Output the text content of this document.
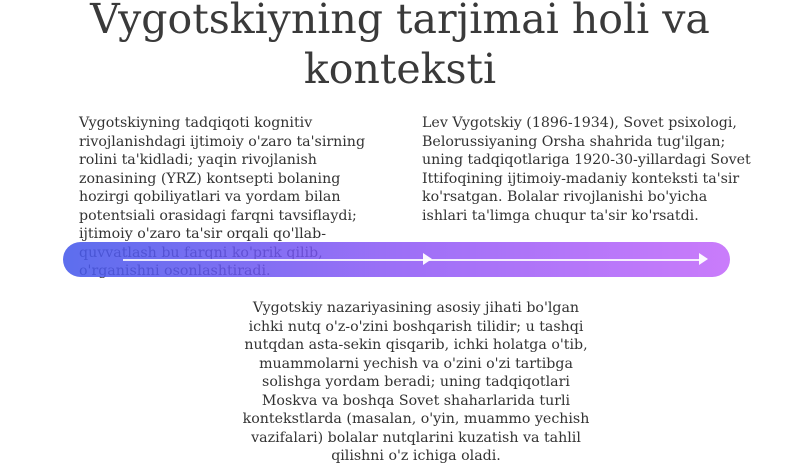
Vygotskiyning tarjimai holi va konteksti

Vygotskiyning tadqiqoti kognitiv rivojlanishdagi ijtimoiy o'zaro ta'sirning rolini ta'kidladi; yaqin rivojlanish zonasining (YRZ) kontsepti bolaning hozirgi qobiliyatlari va yordam bilan potentsiali orasidagi farqni tavsiflaydi; ijtimoiy o'zaro ta'sir orqali qo'llab-

Lev Vygotskiy (1896-1934), Sovet psixologi, Belorussiyaning Orsha shahrida tug'ilgan; uning tadqiqotlariga 1920-30-yillardagi Sovet Ittifoqining ijtimoiy-madaniy konteksti ta'sir ko'rsatgan. Bolalar rivojlanishi bo'yicha ishlari ta'limga chuqur ta'sir ko'rsatdi.

Vygotskiy nazariyasining asosiy jihati bo'lgan ichki nutq o'z-o'zini boshqarish tilidir; u tashqi nutqdan asta-sekin qisqarib, ichki holatga o'tib, muammolarni yechish va o'zini o'zi tartibga solishga yordam beradi; uning tadqiqotlari Moskva va boshqa Sovet shaharlarida turli kontekstlarda (masalan, o'yin, muammo yechish vazifalari) bolalar nutqlarini kuzatish va tahlil qilishni o'z ichiga oladi.
